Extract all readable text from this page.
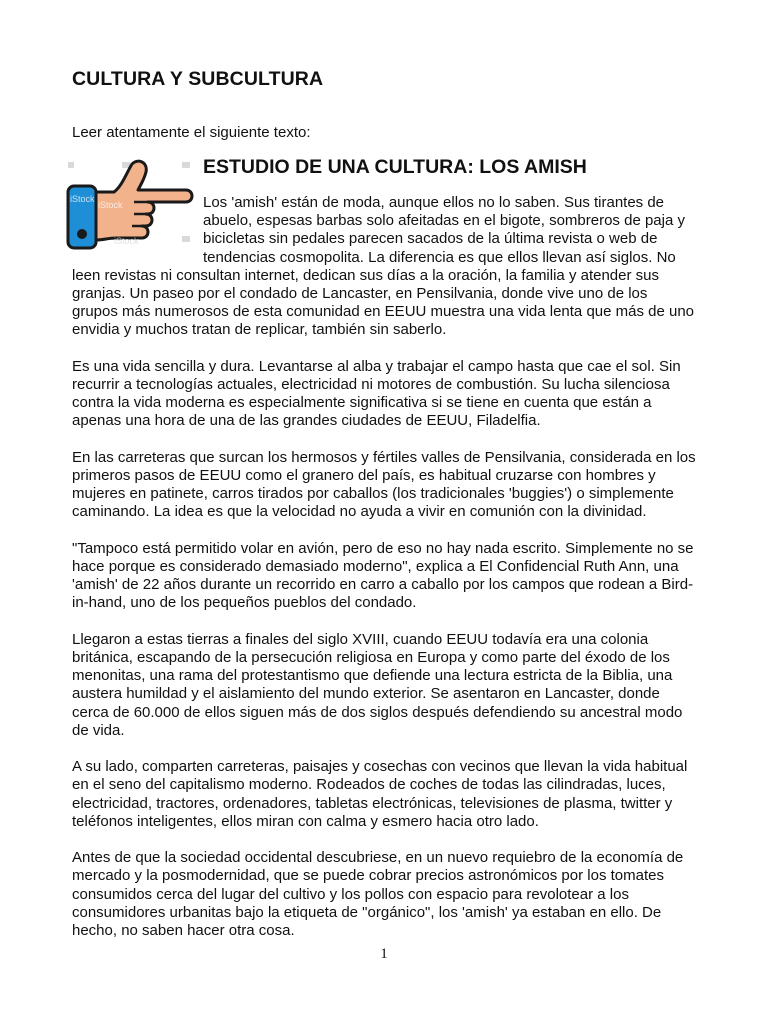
CULTURA Y SUBCULTURA
Leer atentamente el siguiente texto:
iStock
iStock
iStock
ESTUDIO DE UNA CULTURA: LOS AMISH

Los 'amish' están de moda, aunque ellos no lo saben. Sus tirantes de abuelo, espesas barbas solo afeitadas en el bigote, sombreros de paja y bicicletas sin pedales parecen sacados de la última revista o web de tendencias cosmopolita. La diferencia es que ellos llevan así siglos. No leen revistas ni consultan internet, dedican sus días a la oración, la familia y atender sus granjas. Un paseo por el condado de Lancaster, en Pensilvania, donde vive uno de los grupos más numerosos de esta comunidad en EEUU muestra una vida lenta que más de uno envidia y muchos tratan de replicar, también sin saberlo.

Es una vida sencilla y dura. Levantarse al alba y trabajar el campo hasta que cae el sol. Sin recurrir a tecnologías actuales, electricidad ni motores de combustión. Su lucha silenciosa contra la vida moderna es especialmente significativa si se tiene en cuenta que están a apenas una hora de una de las grandes ciudades de EEUU, Filadelfia.

En las carreteras que surcan los hermosos y fértiles valles de Pensilvania, considerada en los primeros pasos de EEUU como el granero del país, es habitual cruzarse con hombres y mujeres en patinete, carros tirados por caballos (los tradicionales 'buggies') o simplemente caminando. La idea es que la velocidad no ayuda a vivir en comunión con la divinidad.

"Tampoco está permitido volar en avión, pero de eso no hay nada escrito. Simplemente no se hace porque es considerado demasiado moderno", explica a El Confidencial Ruth Ann, una 'amish' de 22 años durante un recorrido en carro a caballo por los campos que rodean a Bird-in-hand, uno de los pequeños pueblos del condado.

Llegaron a estas tierras a finales del siglo XVIII, cuando EEUU todavía era una colonia británica, escapando de la persecución religiosa en Europa y como parte del éxodo de los menonitas, una rama del protestantismo que defiende una lectura estricta de la Biblia, una austera humildad y el aislamiento del mundo exterior. Se asentaron en Lancaster, donde cerca de 60.000 de ellos siguen más de dos siglos después defendiendo su ancestral modo de vida.

A su lado, comparten carreteras, paisajes y cosechas con vecinos que llevan la vida habitual en el seno del capitalismo moderno. Rodeados de coches de todas las cilindradas, luces, electricidad, tractores, ordenadores, tabletas electrónicas, televisiones de plasma, twitter y teléfonos inteligentes, ellos miran con calma y esmero hacia otro lado.

Antes de que la sociedad occidental descubriese, en un nuevo requiebro de la economía de mercado y la posmodernidad, que se puede cobrar precios astronómicos por los tomates consumidos cerca del lugar del cultivo y los pollos con espacio para revolotear a los consumidores urbanitas bajo la etiqueta de "orgánico", los 'amish' ya estaban en ello. De hecho, no saben hacer otra cosa.

1
